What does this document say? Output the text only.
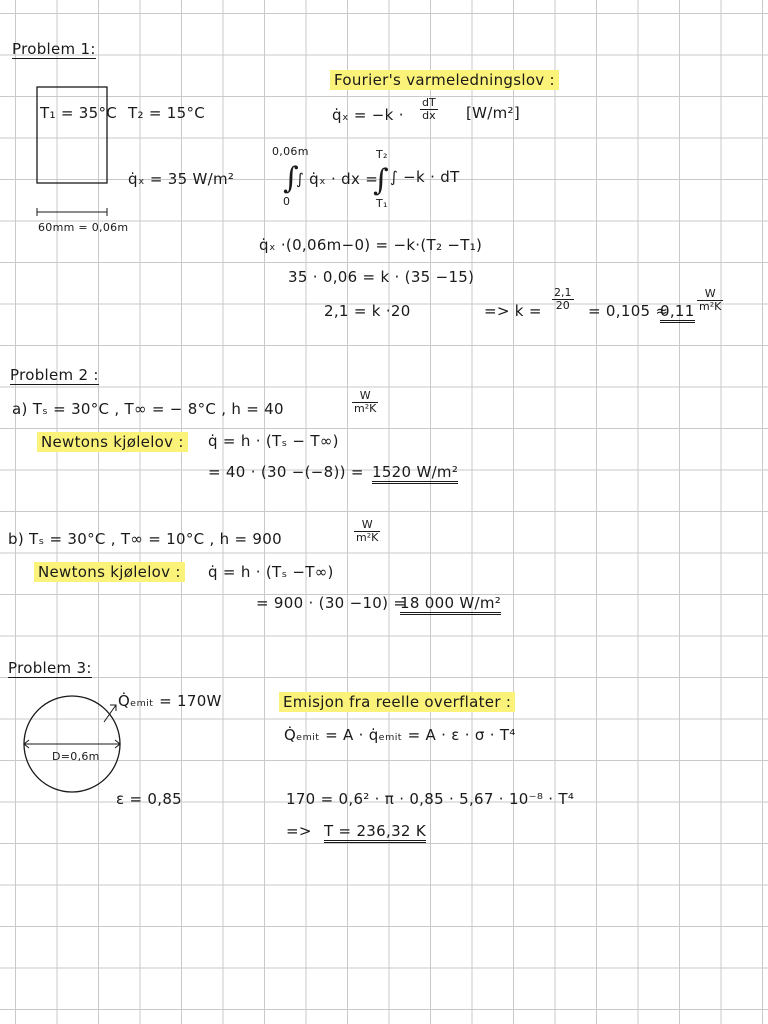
Problem 1:
∫ ∫
T₁ = 35°C T₂ = 15°C
q̇ₓ = 35 W/m²
60mm = 0,06m
Fourier's varmeledningslov :
q̇ₓ = $-k \cdot \frac{dT}{dx} [W/m^2]$
0,06m
0
∫ q̇ₓ · dx =
T₂
T₁
∫ −k · dT
q̇ₓ ·(0,06m−0) = −k·(T₂ −T₁)
35 · 0,06 = k · (35 −15)
2,1 = k ·20	=> $k = \frac{2,1}{20} = 0,105$ ≈
$0,11 \frac{W}{\text{m²K}}$
Problem 2 :
a) Tₛ = 30°C , T∞ = − 8°C , h = 40	$\frac{W}{\text{m²K}}$
Newtons kjølelov : q̇ = h · (Tₛ − T∞)
= 40 · (30 −(−8)) = 1520 W/m²
b) Tₛ = 30°C , T∞ = 10°C , h = 900	$\frac{W}{\text{m²K}}$
Newtons kjølelov : q̇ = h · (Tₛ −T∞)
= 900 · (30 −10) =
18 000 W/m²
Problem 3:
Q̇ₑₘᵢₜ = 170W
D=0,6m
ε = 0,85
Emisjon fra reelle overflater :
Q̇ₑₘᵢₜ = A · q̇ₑₘᵢₜ = A · ε · σ · T⁴
170 = 0,6² · π · 0,85 · 5,67 · 10⁻⁸ · T⁴
=> T = 236,32 K
